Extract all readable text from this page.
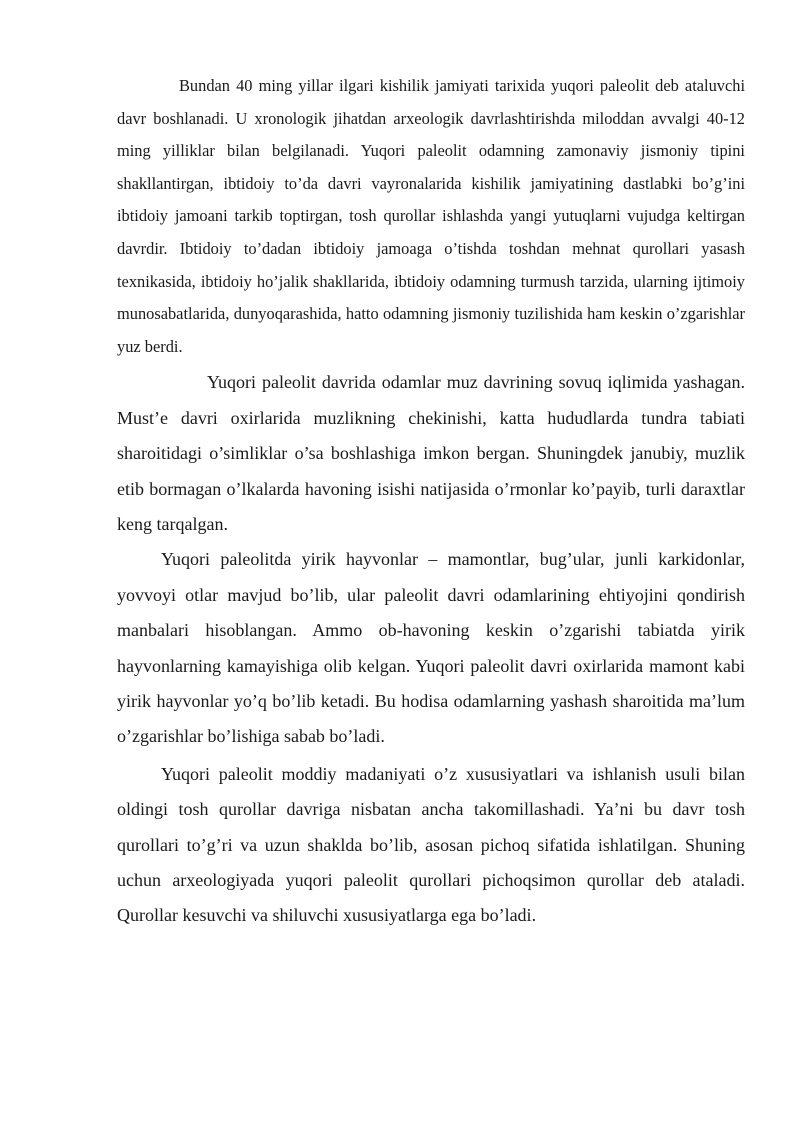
Bundan 40 ming yillar ilgari kishilik jamiyati tarixida yuqori paleolit deb ataluvchi davr boshlanadi. U xronologik jihatdan arxeologik davrlashtirishda miloddan avvalgi 40-12 ming yilliklar bilan belgilanadi. Yuqori paleolit odamning zamonaviy jismoniy tipini shakllantirgan, ibtidoiy to’da davri vayronalarida kishilik jamiyatining dastlabki bo’g’ini ibtidoiy jamoani tarkib toptirgan, tosh qurollar ishlashda yangi yutuqlarni vujudga keltirgan davrdir. Ibtidoiy to’dadan ibtidoiy jamoaga o’tishda toshdan mehnat qurollari yasash texnikasida, ibtidoiy ho’jalik shakllarida, ibtidoiy odamning turmush tarzida, ularning ijtimoiy munosabatlarida, dunyoqarashida, hatto odamning jismoniy tuzilishida ham keskin o’zgarishlar yuz berdi.

Yuqori paleolit davrida odamlar muz davrining sovuq iqlimida yashagan. Must’e davri oxirlarida muzlikning chekinishi, katta hududlarda tundra tabiati sharoitidagi o’simliklar o’sa boshlashiga imkon bergan. Shuningdek janubiy, muzlik etib bormagan o’lkalarda havoning isishi natijasida o’rmonlar ko’payib, turli daraxtlar keng tarqalgan.

Yuqori paleolitda yirik hayvonlar – mamontlar, bug’ular, junli karkidonlar, yovvoyi otlar mavjud bo’lib, ular paleolit davri odamlarining ehtiyojini qondirish manbalari hisoblangan. Ammo ob-havoning keskin o’zgarishi tabiatda yirik hayvonlarning kamayishiga olib kelgan. Yuqori paleolit davri oxirlarida mamont kabi yirik hayvonlar yo’q bo’lib ketadi. Bu hodisa odamlarning yashash sharoitida ma’lum o’zgarishlar bo’lishiga sabab bo’ladi.

Yuqori paleolit moddiy madaniyati o’z xususiyatlari va ishlanish usuli bilan oldingi tosh qurollar davriga nisbatan ancha takomillashadi. Ya’ni bu davr tosh qurollari to’g’ri va uzun shaklda bo’lib, asosan pichoq sifatida ishlatilgan. Shuning uchun arxeologiyada yuqori paleolit qurollari pichoqsimon qurollar deb ataladi. Qurollar kesuvchi va shiluvchi xususiyatlarga ega bo’ladi.
